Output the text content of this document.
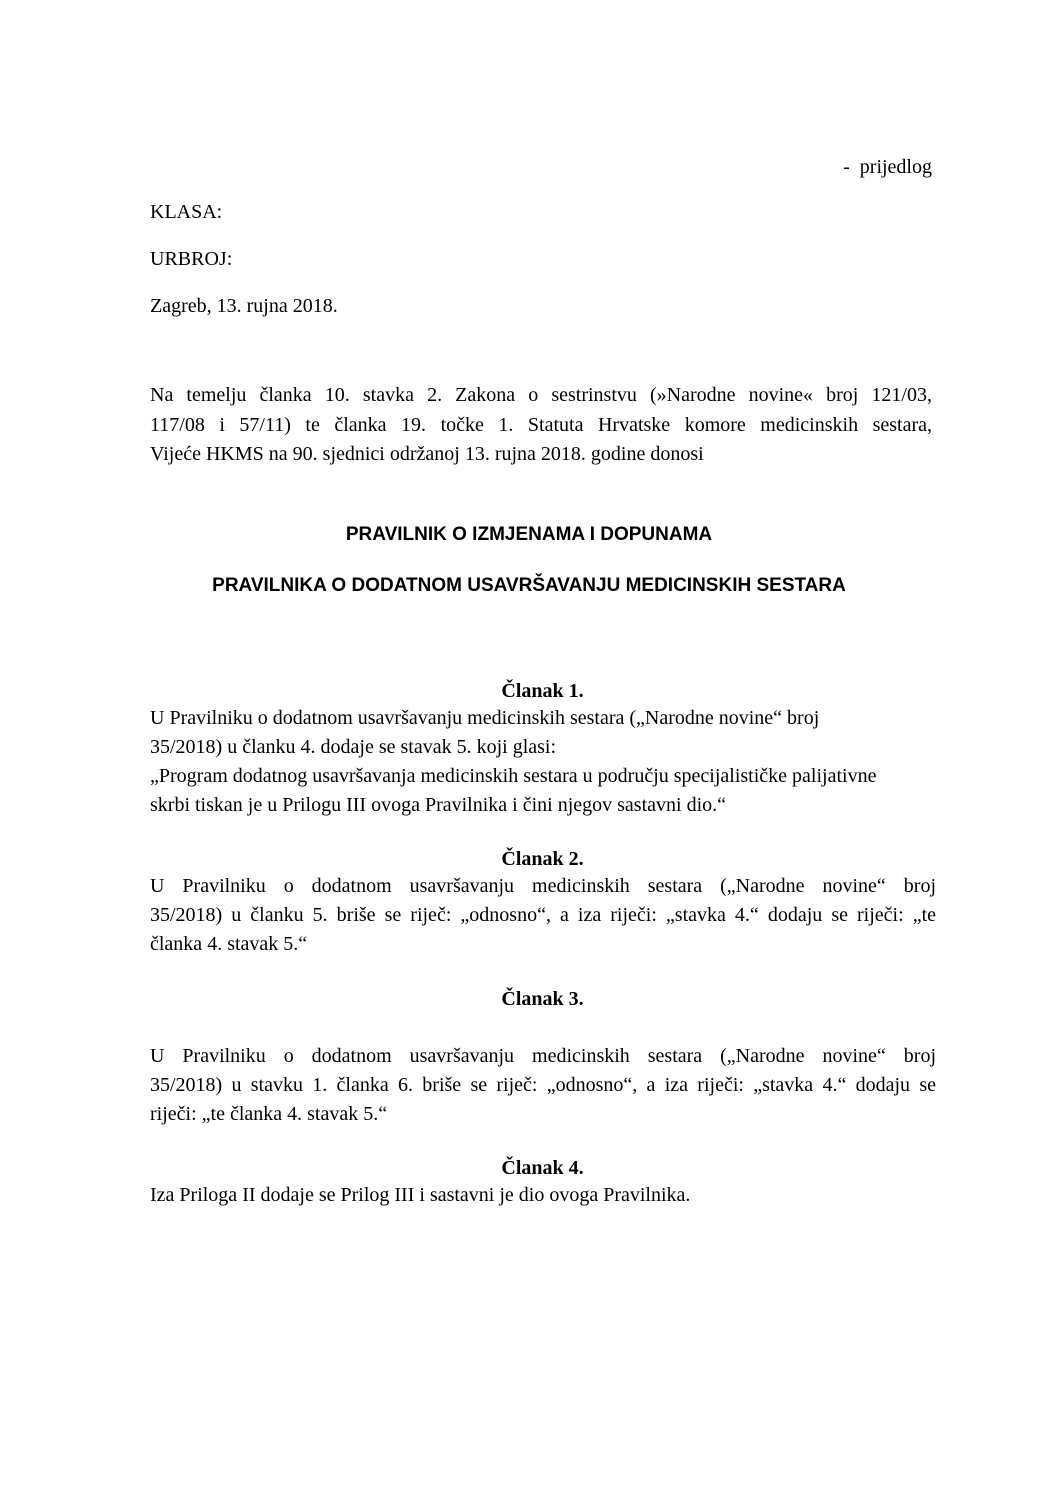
-  prijedlog
KLASA:
URBROJ:
Zagreb, 13. rujna 2018.
Na temelju članka 10. stavka 2. Zakona o sestrinstvu (»Narodne novine« broj 121/03,
117/08 i 57/11) te članka 19. točke 1. Statuta Hrvatske komore medicinskih sestara,
Vijeće HKMS na 90. sjednici održanoj 13. rujna 2018. godine donosi
PRAVILNIK O IZMJENAMA I DOPUNAMA
PRAVILNIKA O DODATNOM USAVRŠAVANJU MEDICINSKIH SESTARA
Članak 1.
U Pravilniku o dodatnom usavršavanju medicinskih sestara („Narodne novine“ broj
35/2018) u članku 4. dodaje se stavak 5. koji glasi:
„Program dodatnog usavršavanja medicinskih sestara u području specijalističke palijativne
skrbi tiskan je u Prilogu III ovoga Pravilnika i čini njegov sastavni dio.“
Članak 2.
U Pravilniku o dodatnom usavršavanju medicinskih sestara („Narodne novine“ broj
35/2018) u članku 5. briše se riječ: „odnosno“, a iza riječi: „stavka 4.“ dodaju se riječi: „te
članka 4. stavak 5.“
Članak 3.
U Pravilniku o dodatnom usavršavanju medicinskih sestara („Narodne novine“ broj
35/2018) u stavku 1. članka 6. briše se riječ: „odnosno“, a iza riječi: „stavka 4.“ dodaju se
riječi: „te članka 4. stavak 5.“
Članak 4.
Iza Priloga II dodaje se Prilog III i sastavni je dio ovoga Pravilnika.
